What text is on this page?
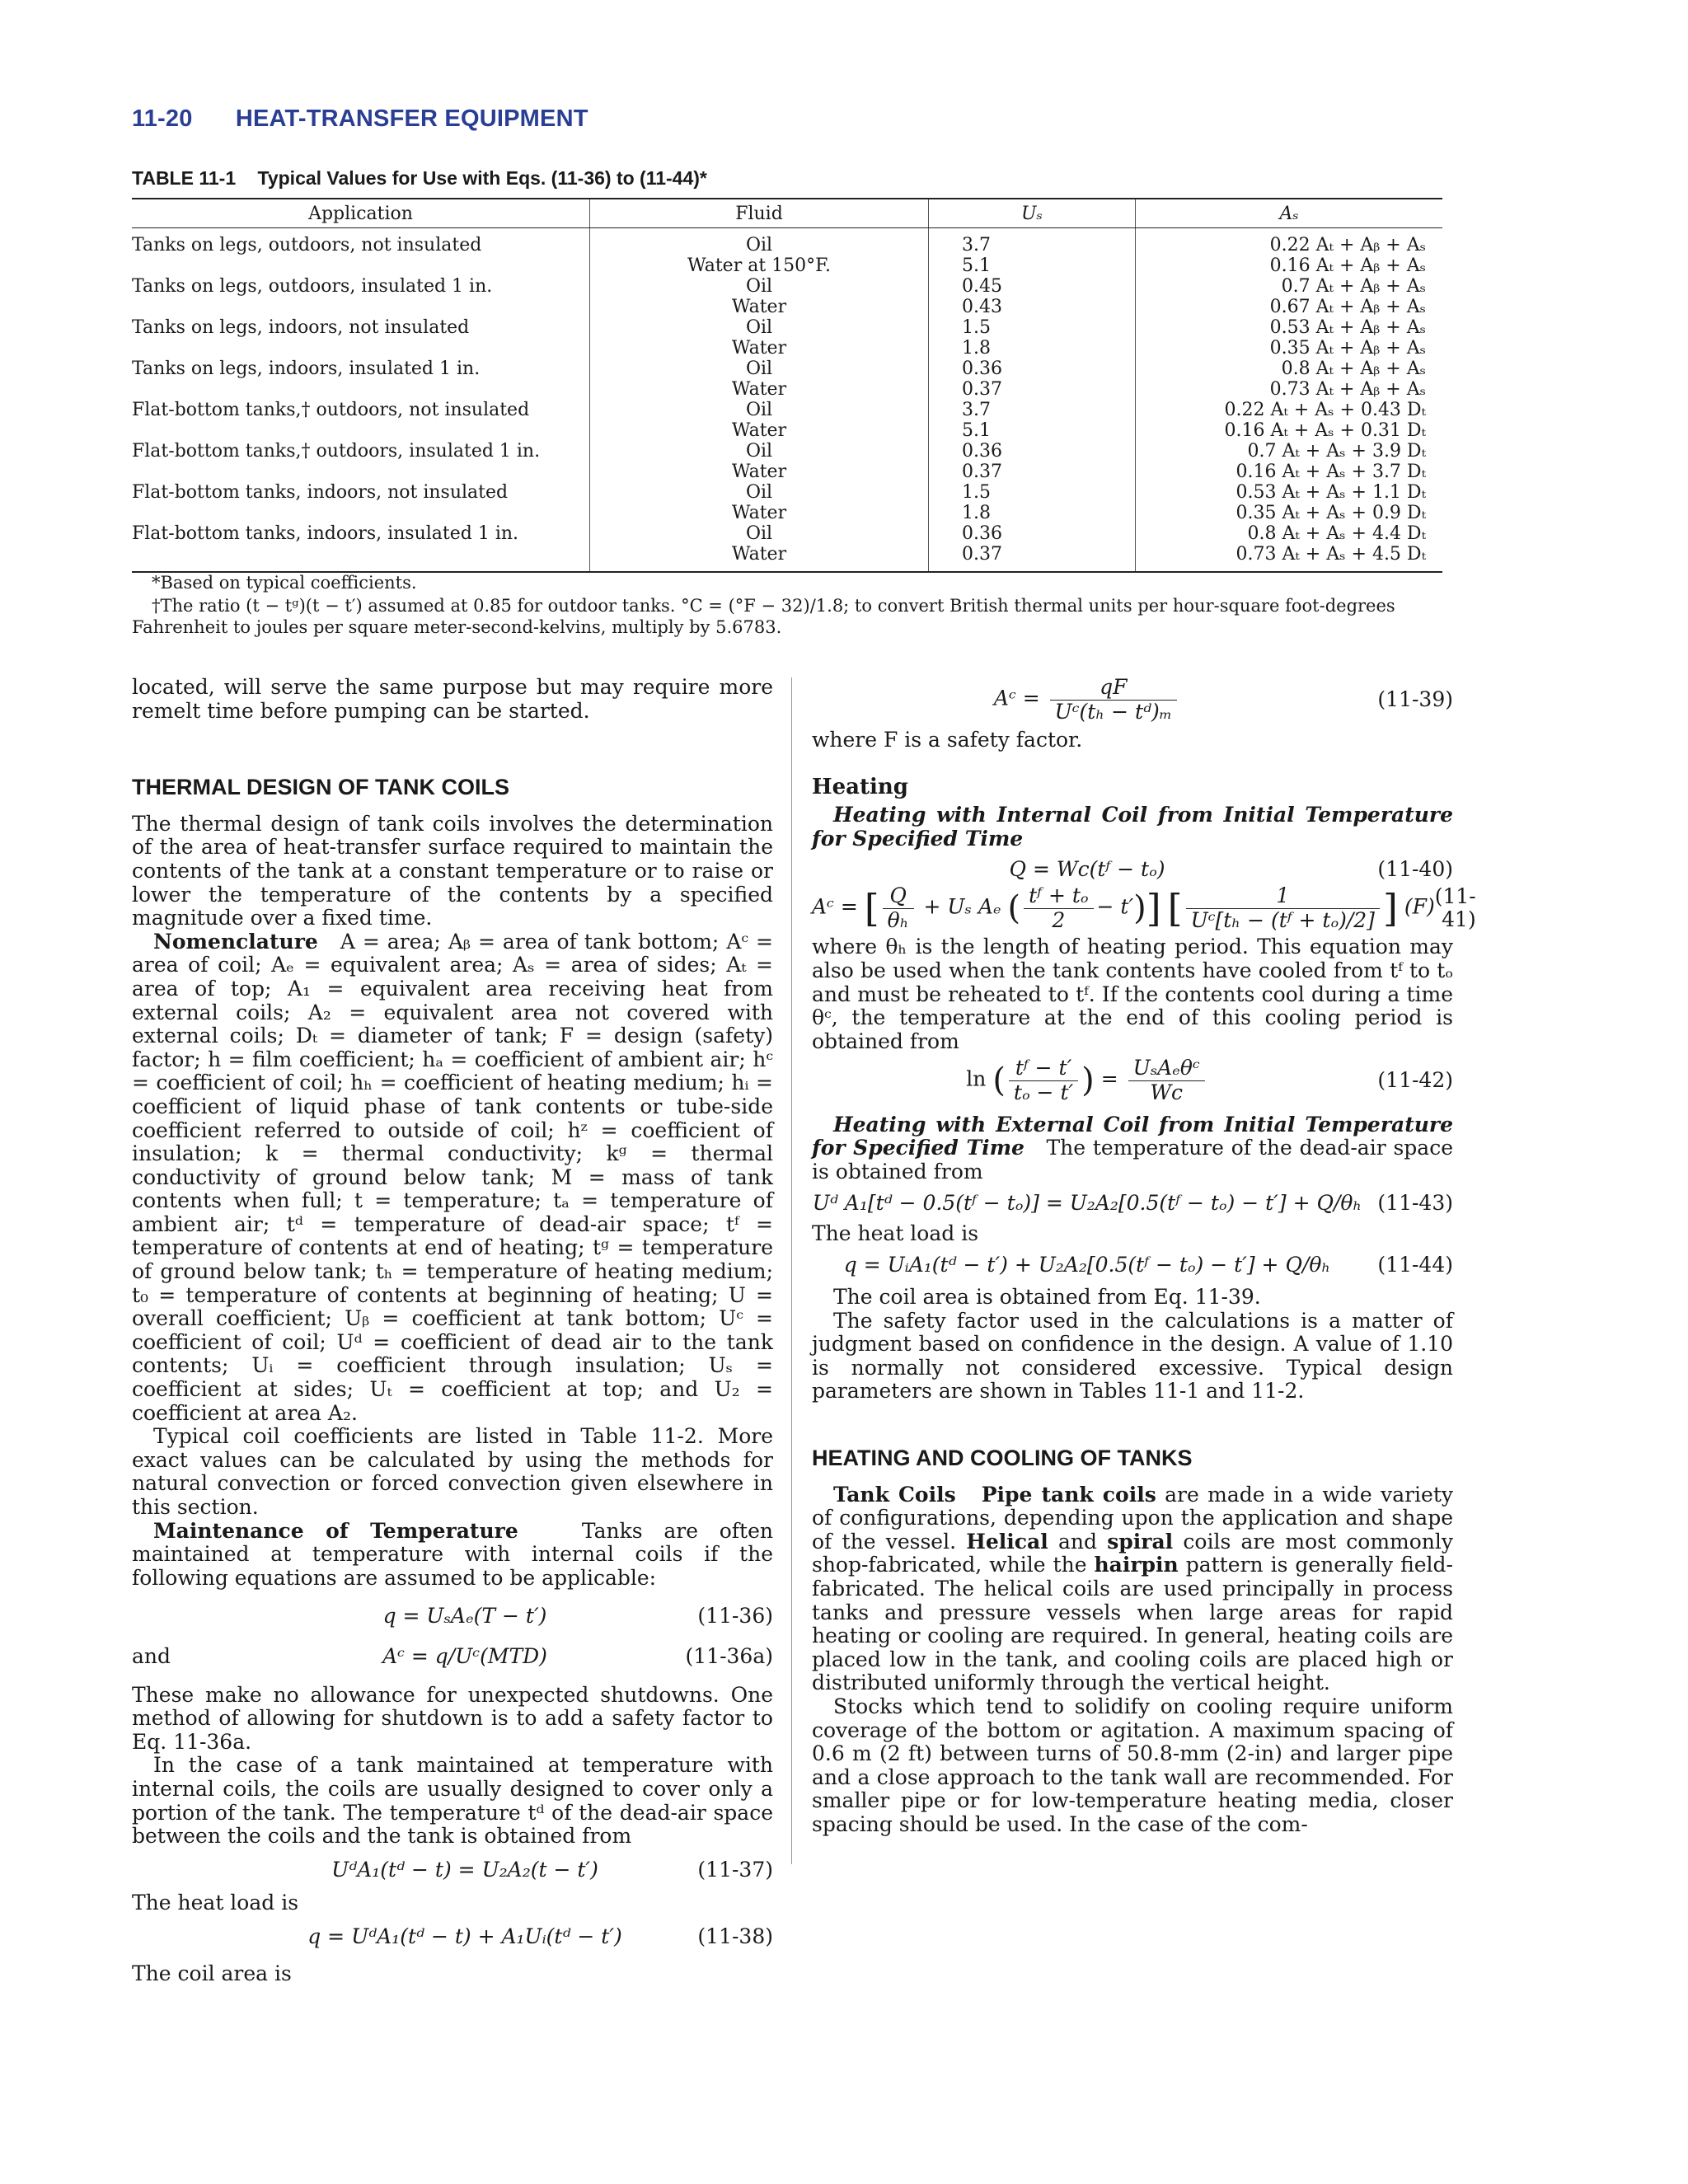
11-20 HEAT-TRANSFER EQUIPMENT
TABLE 11-1 Typical Values for Use with Eqs. (11-36) to (11-44)*
Application	Fluid	Uₛ	Aₛ
Tanks on legs, outdoors, not insulated	Oil	3.7	0.22 Aₜ + Aᵦ + Aₛ
	Water at 150°F.	5.1	0.16 Aₜ + Aᵦ + Aₛ
Tanks on legs, outdoors, insulated 1 in.	Oil	0.45	0.7 Aₜ + Aᵦ + Aₛ
	Water	0.43	0.67 Aₜ + Aᵦ + Aₛ
Tanks on legs, indoors, not insulated	Oil	1.5	0.53 Aₜ + Aᵦ + Aₛ
	Water	1.8	0.35 Aₜ + Aᵦ + Aₛ
Tanks on legs, indoors, insulated 1 in.	Oil	0.36	0.8 Aₜ + Aᵦ + Aₛ
	Water	0.37	0.73 Aₜ + Aᵦ + Aₛ
Flat-bottom tanks,† outdoors, not insulated	Oil	3.7	0.22 Aₜ + Aₛ + 0.43 Dₜ
	Water	5.1	0.16 Aₜ + Aₛ + 0.31 Dₜ
Flat-bottom tanks,† outdoors, insulated 1 in.	Oil	0.36	0.7 Aₜ + Aₛ + 3.9 Dₜ
	Water	0.37	0.16 Aₜ + Aₛ + 3.7 Dₜ
Flat-bottom tanks, indoors, not insulated	Oil	1.5	0.53 Aₜ + Aₛ + 1.1 Dₜ
	Water	1.8	0.35 Aₜ + Aₛ + 0.9 Dₜ
Flat-bottom tanks, indoors, insulated 1 in.	Oil	0.36	0.8 Aₜ + Aₛ + 4.4 Dₜ
	Water	0.37	0.73 Aₜ + Aₛ + 4.5 Dₜ
*Based on typical coefficients.
†The ratio (t − tᵍ)(t − t′) assumed at 0.85 for outdoor tanks. °C = (°F − 32)/1.8; to convert British thermal units per hour-square foot-degrees Fahrenheit to joules per square meter-second-kelvins, multiply by 5.6783.

located, will serve the same purpose but may require more remelt time before pumping can be started.

THERMAL DESIGN OF TANK COILS

The thermal design of tank coils involves the determination of the area of heat-transfer surface required to maintain the contents of the tank at a constant temperature or to raise or lower the temperature of the contents by a specified magnitude over a fixed time.

Nomenclature A = area; Aᵦ = area of tank bottom; Aᶜ = area of coil; Aₑ = equivalent area; Aₛ = area of sides; Aₜ = area of top; A₁ = equivalent area receiving heat from external coils; A₂ = equivalent area not covered with external coils; Dₜ = diameter of tank; F = design (safety) factor; h = film coefficient; hₐ = coefficient of ambient air; hᶜ = coefficient of coil; hₕ = coefficient of heating medium; hᵢ = coefficient of liquid phase of tank contents or tube-side coefficient referred to outside of coil; hᶻ = coefficient of insulation; k = thermal conductivity; kᵍ = thermal conductivity of ground below tank; M = mass of tank contents when full; t = temperature; tₐ = temperature of ambient air; tᵈ = temperature of dead-air space; tᶠ = temperature of contents at end of heating; tᵍ = temperature of ground below tank; tₕ = temperature of heating medium; t₀ = temperature of contents at beginning of heating; U = overall coefficient; Uᵦ = coefficient at tank bottom; Uᶜ = coefficient of coil; Uᵈ = coefficient of dead air to the tank contents; Uᵢ = coefficient through insulation; Uₛ = coefficient at sides; Uₜ = coefficient at top; and U₂ = coefficient at area A₂.

Typical coil coefficients are listed in Table 11-2. More exact values can be calculated by using the methods for natural convection or forced convection given elsewhere in this section.

Maintenance of Temperature	Tanks are often maintained at temperature with internal coils if the following equations are assumed to be applicable:

q = UₛAₑ(T − t′)	(11-36)
and	Aᶜ = q/Uᶜ(MTD)	(11-36a)

These make no allowance for unexpected shutdowns. One method of allowing for shutdown is to add a safety factor to Eq. 11-36a.

In the case of a tank maintained at temperature with internal coils, the coils are usually designed to cover only a portion of the tank. The temperature tᵈ of the dead-air space between the coils and the tank is obtained from

UᵈA₁(tᵈ − t) = U₂A₂(t − t′)	(11-37)

The heat load is

q = UᵈA₁(tᵈ − t) + A₁Uᵢ(tᵈ − t′)	(11-38)

The coil area is

Aᶜ = $\frac{qF}{\text{Uᶜ(tₕ − tᵈ)ₘ}}$	(11-39)

where F is a safety factor.

Heating
Heating with Internal Coil from Initial Temperature for Specified Time
Q = Wc(tᶠ − tₒ)	(11-40)
Aᶜ = [ $\frac{Q}{\text{θₕ}} + U_s$ Aₑ ( $\frac{\text{tᶠ + tₒ}}{2} - t'$)] [ $\frac{1}{\text{Uᶜ[tₕ − (tᶠ + tₒ)/2]}}$ ] (F) (11-41)

where θₕ is the length of heating period. This equation may also be used when the tank contents have cooled from tᶠ to tₒ and must be reheated to tᶠ. If the contents cool during a time θᶜ, the temperature at the end of this cooling period is obtained from

ln ( $\frac{\text{tᶠ − t′}}{\text{tₒ − t′}}$ ) = $\frac{\text{UₛAₑθᶜ}}{Wc}$	(11-42)

Heating with External Coil from Initial Temperature for Specified Time The temperature of the dead-air space is obtained from

Uᵈ A₁[tᵈ − 0.5(tᶠ − tₒ)] = U₂A₂[0.5(tᶠ − tₒ) − t′] + Q/θₕ (11-43)

The heat load is

q = UᵢA₁(tᵈ − t′) + U₂A₂[0.5(tᶠ − tₒ) − t′] + Q/θₕ	(11-44)

The coil area is obtained from Eq. 11-39.

The safety factor used in the calculations is a matter of judgment based on confidence in the design. A value of 1.10 is normally not considered excessive. Typical design parameters are shown in Tables 11-1 and 11-2.

HEATING AND COOLING OF TANKS

Tank Coils Pipe tank coils are made in a wide variety of configurations, depending upon the application and shape of the vessel. Helical and spiral coils are most commonly shop-fabricated, while the hairpin pattern is generally field-fabricated. The helical coils are used principally in process tanks and pressure vessels when large areas for rapid heating or cooling are required. In general, heating coils are placed low in the tank, and cooling coils are placed high or distributed uniformly through the vertical height.

Stocks which tend to solidify on cooling require uniform coverage of the bottom or agitation. A maximum spacing of 0.6 m (2 ft) between turns of 50.8-mm (2-in) and larger pipe and a close approach to the tank wall are recommended. For smaller pipe or for low-temperature heating media, closer spacing should be used. In the case of the com-
